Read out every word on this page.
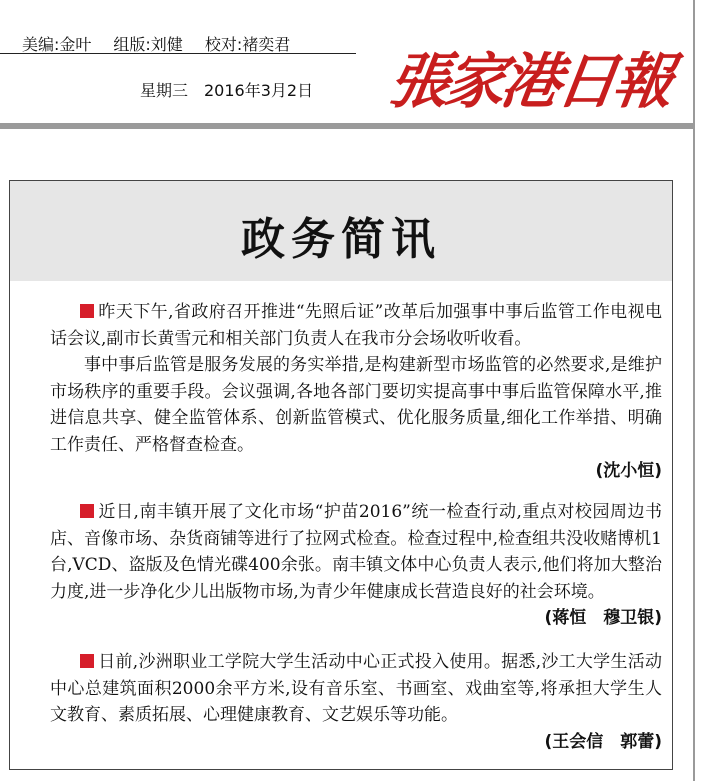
美编:金叶 组版:刘健 校对:褚奕君
星期三　2016年3月2日 張家港日報
政务简讯

昨天下午,省政府召开推进“先照后证”改革后加强事中事后监管工作电视电话会议,副市长黄雪元和相关部门负责人在我市分会场收听收看。

事中事后监管是服务发展的务实举措,是构建新型市场监管的必然要求,是维护市场秩序的重要手段。会议强调,各地各部门要切实提高事中事后监管保障水平,推进信息共享、健全监管体系、创新监管模式、优化服务质量,细化工作举措、明确工作责任、严格督查检查。

(沈小恒)

近日,南丰镇开展了文化市场“护苗2016”统一检查行动,重点对校园周边书店、音像市场、杂货商铺等进行了拉网式检查。检查过程中,检查组共没收赌博机1台,VCD、盗版及色情光碟400余张。南丰镇文体中心负责人表示,他们将加大整治力度,进一步净化少儿出版物市场,为青少年健康成长营造良好的社会环境。

(蒋恒　穆卫银)

日前,沙洲职业工学院大学生活动中心正式投入使用。据悉,沙工大学生活动中心总建筑面积2000余平方米,设有音乐室、书画室、戏曲室等,将承担大学生人文教育、素质拓展、心理健康教育、文艺娱乐等功能。

(王会信　郭蕾)
